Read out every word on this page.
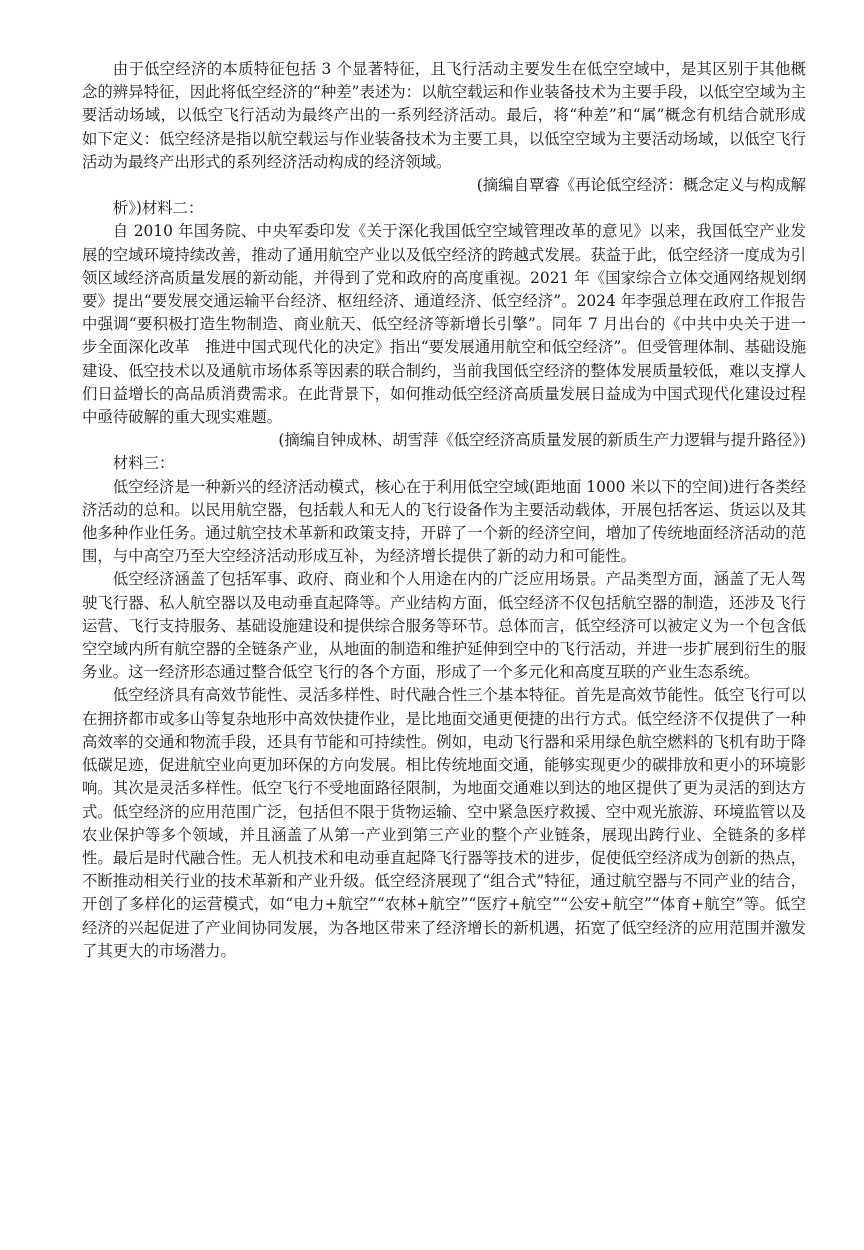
由于低空经济的本质特征包括 3 个显著特征，且飞行活动主要发生在低空空域中，是其区别于其他概念的辨异特征，因此将低空经济的“种差”表述为：以航空载运和作业装备技术为主要手段，以低空空域为主要活动场域，以低空飞行活动为最终产出的一系列经济活动。最后，将“种差”和“属”概念有机结合就形成如下定义：低空经济是指以航空载运与作业装备技术为主要工具，以低空空域为主要活动场域，以低空飞行活动为最终产出形式的系列经济活动构成的经济领域。

(摘编自覃睿《再论低空经济：概念定义与构成解

析》)材料二：

自 2010 年国务院、中央军委印发《关于深化我国低空空域管理改革的意见》以来，我国低空产业发展的空域环境持续改善，推动了通用航空产业以及低空经济的跨越式发展。获益于此，低空经济一度成为引领区域经济高质量发展的新动能，并得到了党和政府的高度重视。2021 年《国家综合立体交通网络规划纲要》提出“要发展交通运输平台经济、枢纽经济、通道经济、低空经济”。2024 年李强总理在政府工作报告中强调“要积极打造生物制造、商业航天、低空经济等新增长引擎”。同年 7 月出台的《中共中央关于进一步全面深化改革　推进中国式现代化的决定》指出“要发展通用航空和低空经济”。但受管理体制、基础设施建设、低空技术以及通航市场体系等因素的联合制约，当前我国低空经济的整体发展质量较低，难以支撑人们日益增长的高品质消费需求。在此背景下，如何推动低空经济高质量发展日益成为中国式现代化建设过程中亟待破解的重大现实难题。

(摘编自钟成林、胡雪萍《低空经济高质量发展的新质生产力逻辑与提升路径》)

材料三：

低空经济是一种新兴的经济活动模式，核心在于利用低空空域(距地面 1000 米以下的空间)进行各类经济活动的总和。以民用航空器，包括载人和无人的飞行设备作为主要活动载体，开展包括客运、货运以及其他多种作业任务。通过航空技术革新和政策支持，开辟了一个新的经济空间，增加了传统地面经济活动的范围，与中高空乃至大空经济活动形成互补，为经济增长提供了新的动力和可能性。

低空经济涵盖了包括军事、政府、商业和个人用途在内的广泛应用场景。产品类型方面，涵盖了无人驾驶飞行器、私人航空器以及电动垂直起降等。产业结构方面，低空经济不仅包括航空器的制造，还涉及飞行运营、飞行支持服务、基础设施建设和提供综合服务等环节。总体而言，低空经济可以被定义为一个包含低空空域内所有航空器的全链条产业，从地面的制造和维护延伸到空中的飞行活动，并进一步扩展到衍生的服务业。这一经济形态通过整合低空飞行的各个方面，形成了一个多元化和高度互联的产业生态系统。

低空经济具有高效节能性、灵活多样性、时代融合性三个基本特征。首先是高效节能性。低空飞行可以在拥挤都市或多山等复杂地形中高效快捷作业，是比地面交通更便捷的出行方式。低空经济不仅提供了一种高效率的交通和物流手段，还具有节能和可持续性。例如，电动飞行器和采用绿色航空燃料的飞机有助于降低碳足迹，促进航空业向更加环保的方向发展。相比传统地面交通，能够实现更少的碳排放和更小的环境影响。其次是灵活多样性。低空飞行不受地面路径限制，为地面交通难以到达的地区提供了更为灵活的到达方式。低空经济的应用范围广泛，包括但不限于货物运输、空中紧急医疗救援、空中观光旅游、环境监管以及农业保护等多个领域，并且涵盖了从第一产业到第三产业的整个产业链条，展现出跨行业、全链条的多样性。最后是时代融合性。无人机技术和电动垂直起降飞行器等技术的进步，促使低空经济成为创新的热点，不断推动相关行业的技术革新和产业升级。低空经济展现了“组合式”特征，通过航空器与不同产业的结合，开创了多样化的运营模式，如“电力+航空”“农林+航空”“医疗+航空”“公安+航空”“体育+航空”等。低空经济的兴起促进了产业间协同发展，为各地区带来了经济增长的新机遇，拓宽了低空经济的应用范围并激发了其更大的市场潜力。
